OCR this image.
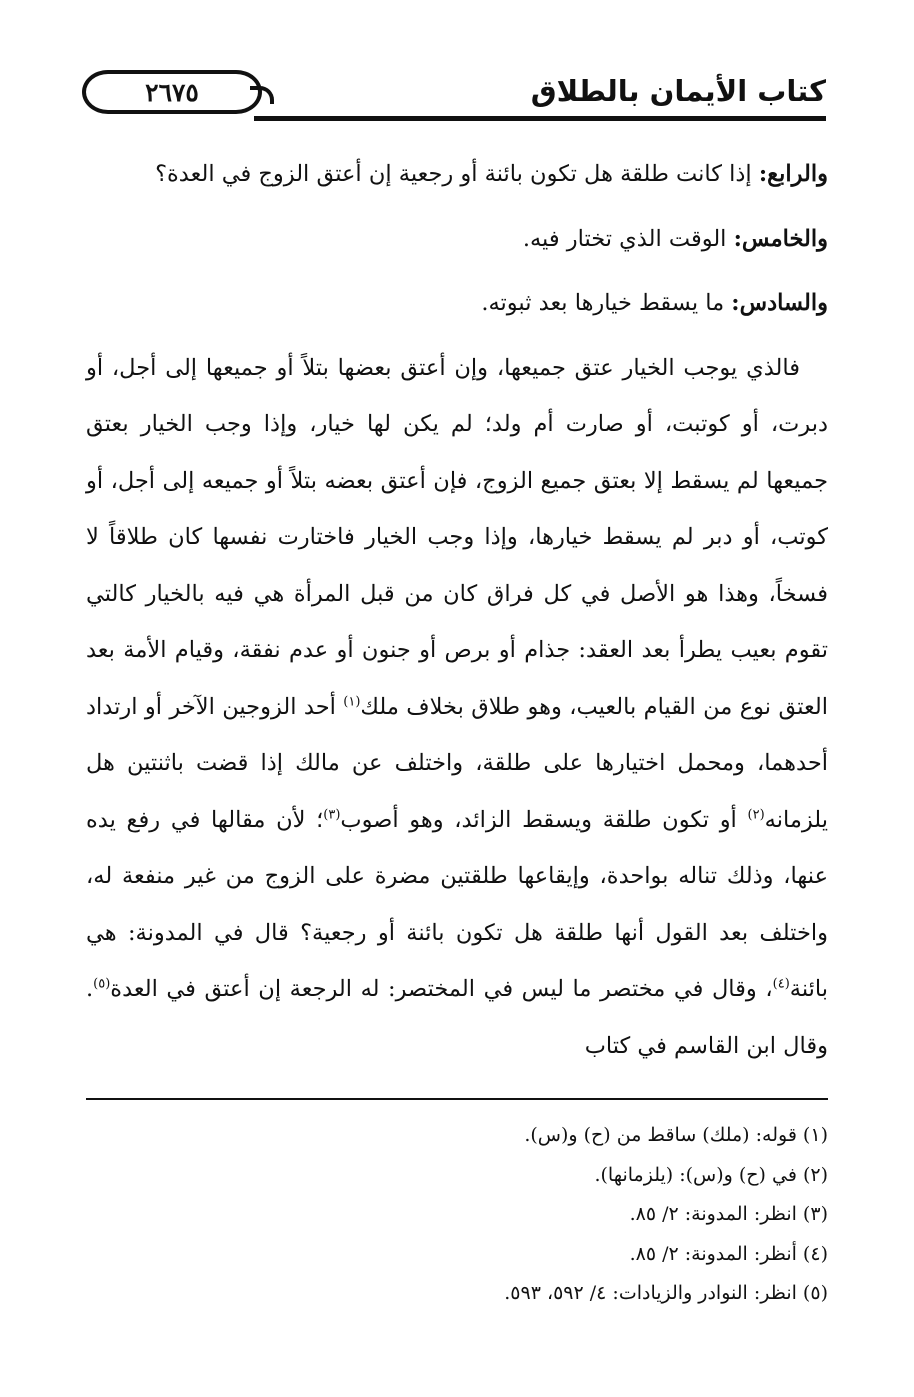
٢٦٧٥	كتاب الأيمان بالطلاق

والرابع: إذا كانت طلقة هل تكون بائنة أو رجعية إن أعتق الزوج في العدة؟

والخامس: الوقت الذي تختار فيه.

والسادس: ما يسقط خيارها بعد ثبوته.

فالذي يوجب الخيار عتق جميعها، وإن أعتق بعضها بتلاً أو جميعها إلى أجل، أو دبرت، أو كوتبت، أو صارت أم ولد؛ لم يكن لها خيار، وإذا وجب الخيار بعتق جميعها لم يسقط إلا بعتق جميع الزوج، فإن أعتق بعضه بتلاً أو جميعه إلى أجل، أو كوتب، أو دبر لم يسقط خيارها، وإذا وجب الخيار فاختارت نفسها كان طلاقاً لا فسخاً، وهذا هو الأصل في كل فراق كان من قبل المرأة هي فيه بالخيار كالتي تقوم بعيب يطرأ بعد العقد: جذام أو برص أو جنون أو عدم نفقة، وقيام الأمة بعد العتق نوع من القيام بالعيب، وهو طلاق بخلاف ملك$^{(١)}$ أحد الزوجين الآخر أو ارتداد أحدهما، ومحمل اختيارها على طلقة، واختلف عن مالك إذا قضت باثنتين هل يلزمانه$^{(٢)}$ أو تكون طلقة ويسقط الزائد، وهو أصوب$^{(٣)}$؛ لأن مقالها في رفع يده عنها، وذلك تناله بواحدة، وإيقاعها طلقتين مضرة على الزوج من غير منفعة له، واختلف بعد القول أنها طلقة هل تكون بائنة أو رجعية؟ قال في المدونة: هي بائنة$^{(٤)}$، وقال في مختصر ما ليس في المختصر: له الرجعة إن أعتق في العدة$^{(٥)}$. وقال ابن القاسم في كتاب

(١) قوله: (ملك) ساقط من (ح) و(س).
(٢) في (ح) و(س): (يلزمانها).
(٣) انظر: المدونة: ٢/ ٨٥.
(٤) أنظر: المدونة: ٢/ ٨٥.
(٥) انظر: النوادر والزيادات: ٤/ ٥٩٢، ٥٩٣.
